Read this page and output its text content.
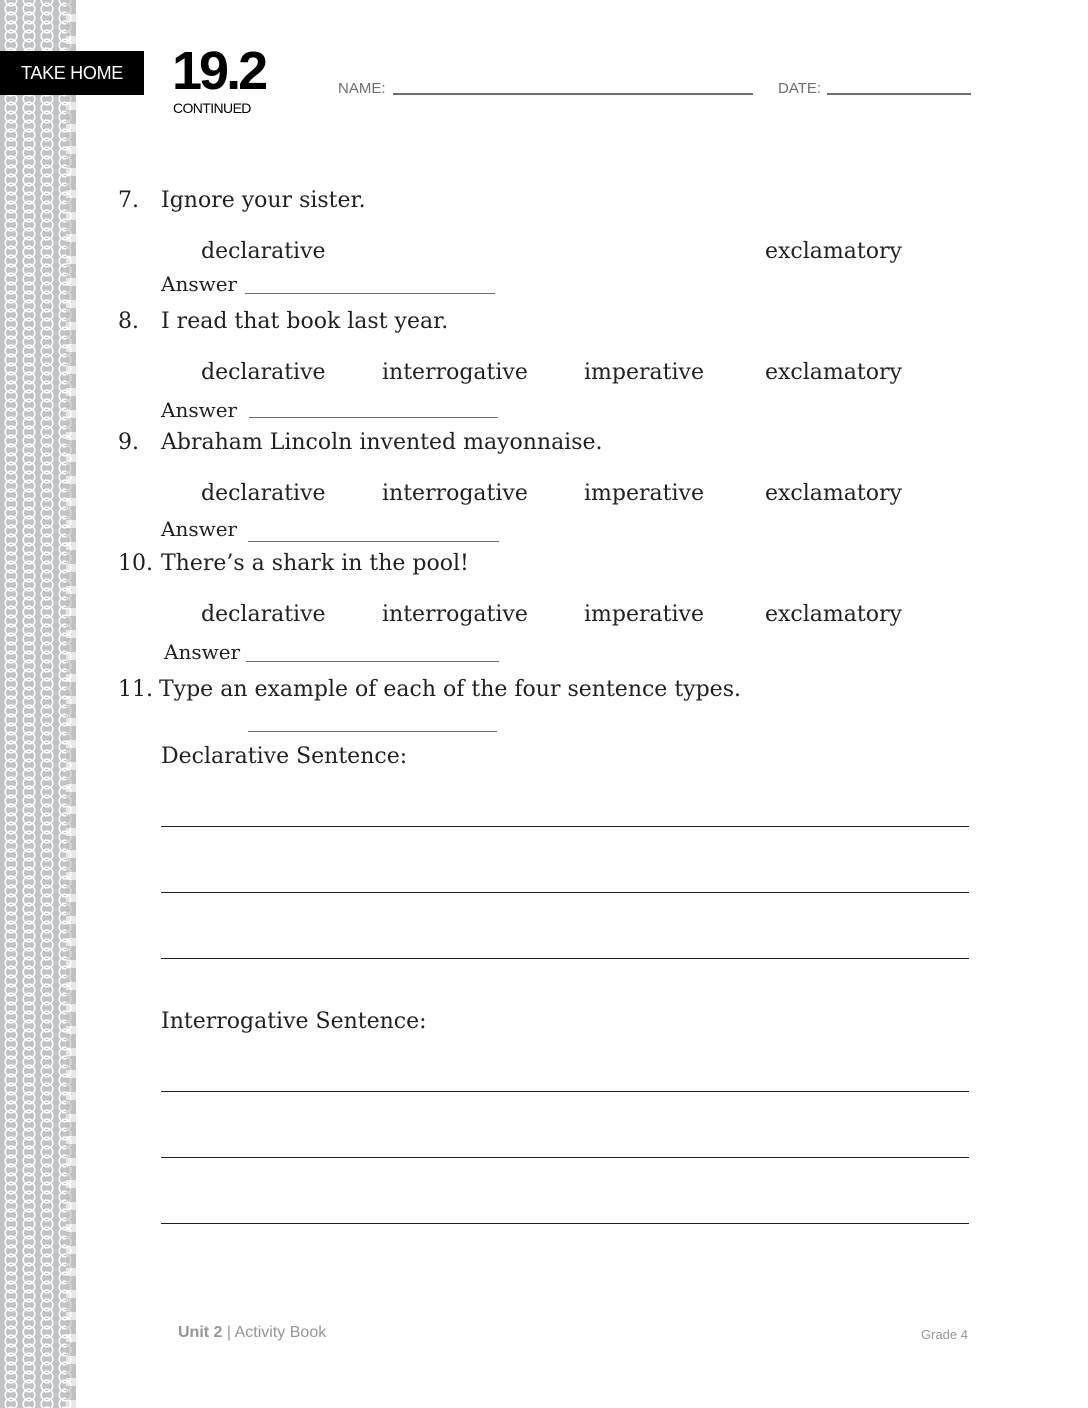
TAKE HOME 19.2
CONTINUED
NAME:	DATE:
7. Ignore your sister.
declarative	exclamatory
Answer
8. I read that book last year.
declarative	interrogative	imperative	exclamatory
Answer
9. Abraham Lincoln invented mayonnaise.
declarative	interrogative	imperative	exclamatory
Answer
10. There’s a shark in the pool!
declarative	interrogative	imperative	exclamatory
Answer
11. Type an example of each of the four sentence types.
Declarative Sentence:
Interrogative Sentence:
Unit 2 | Activity Book	Grade 4
